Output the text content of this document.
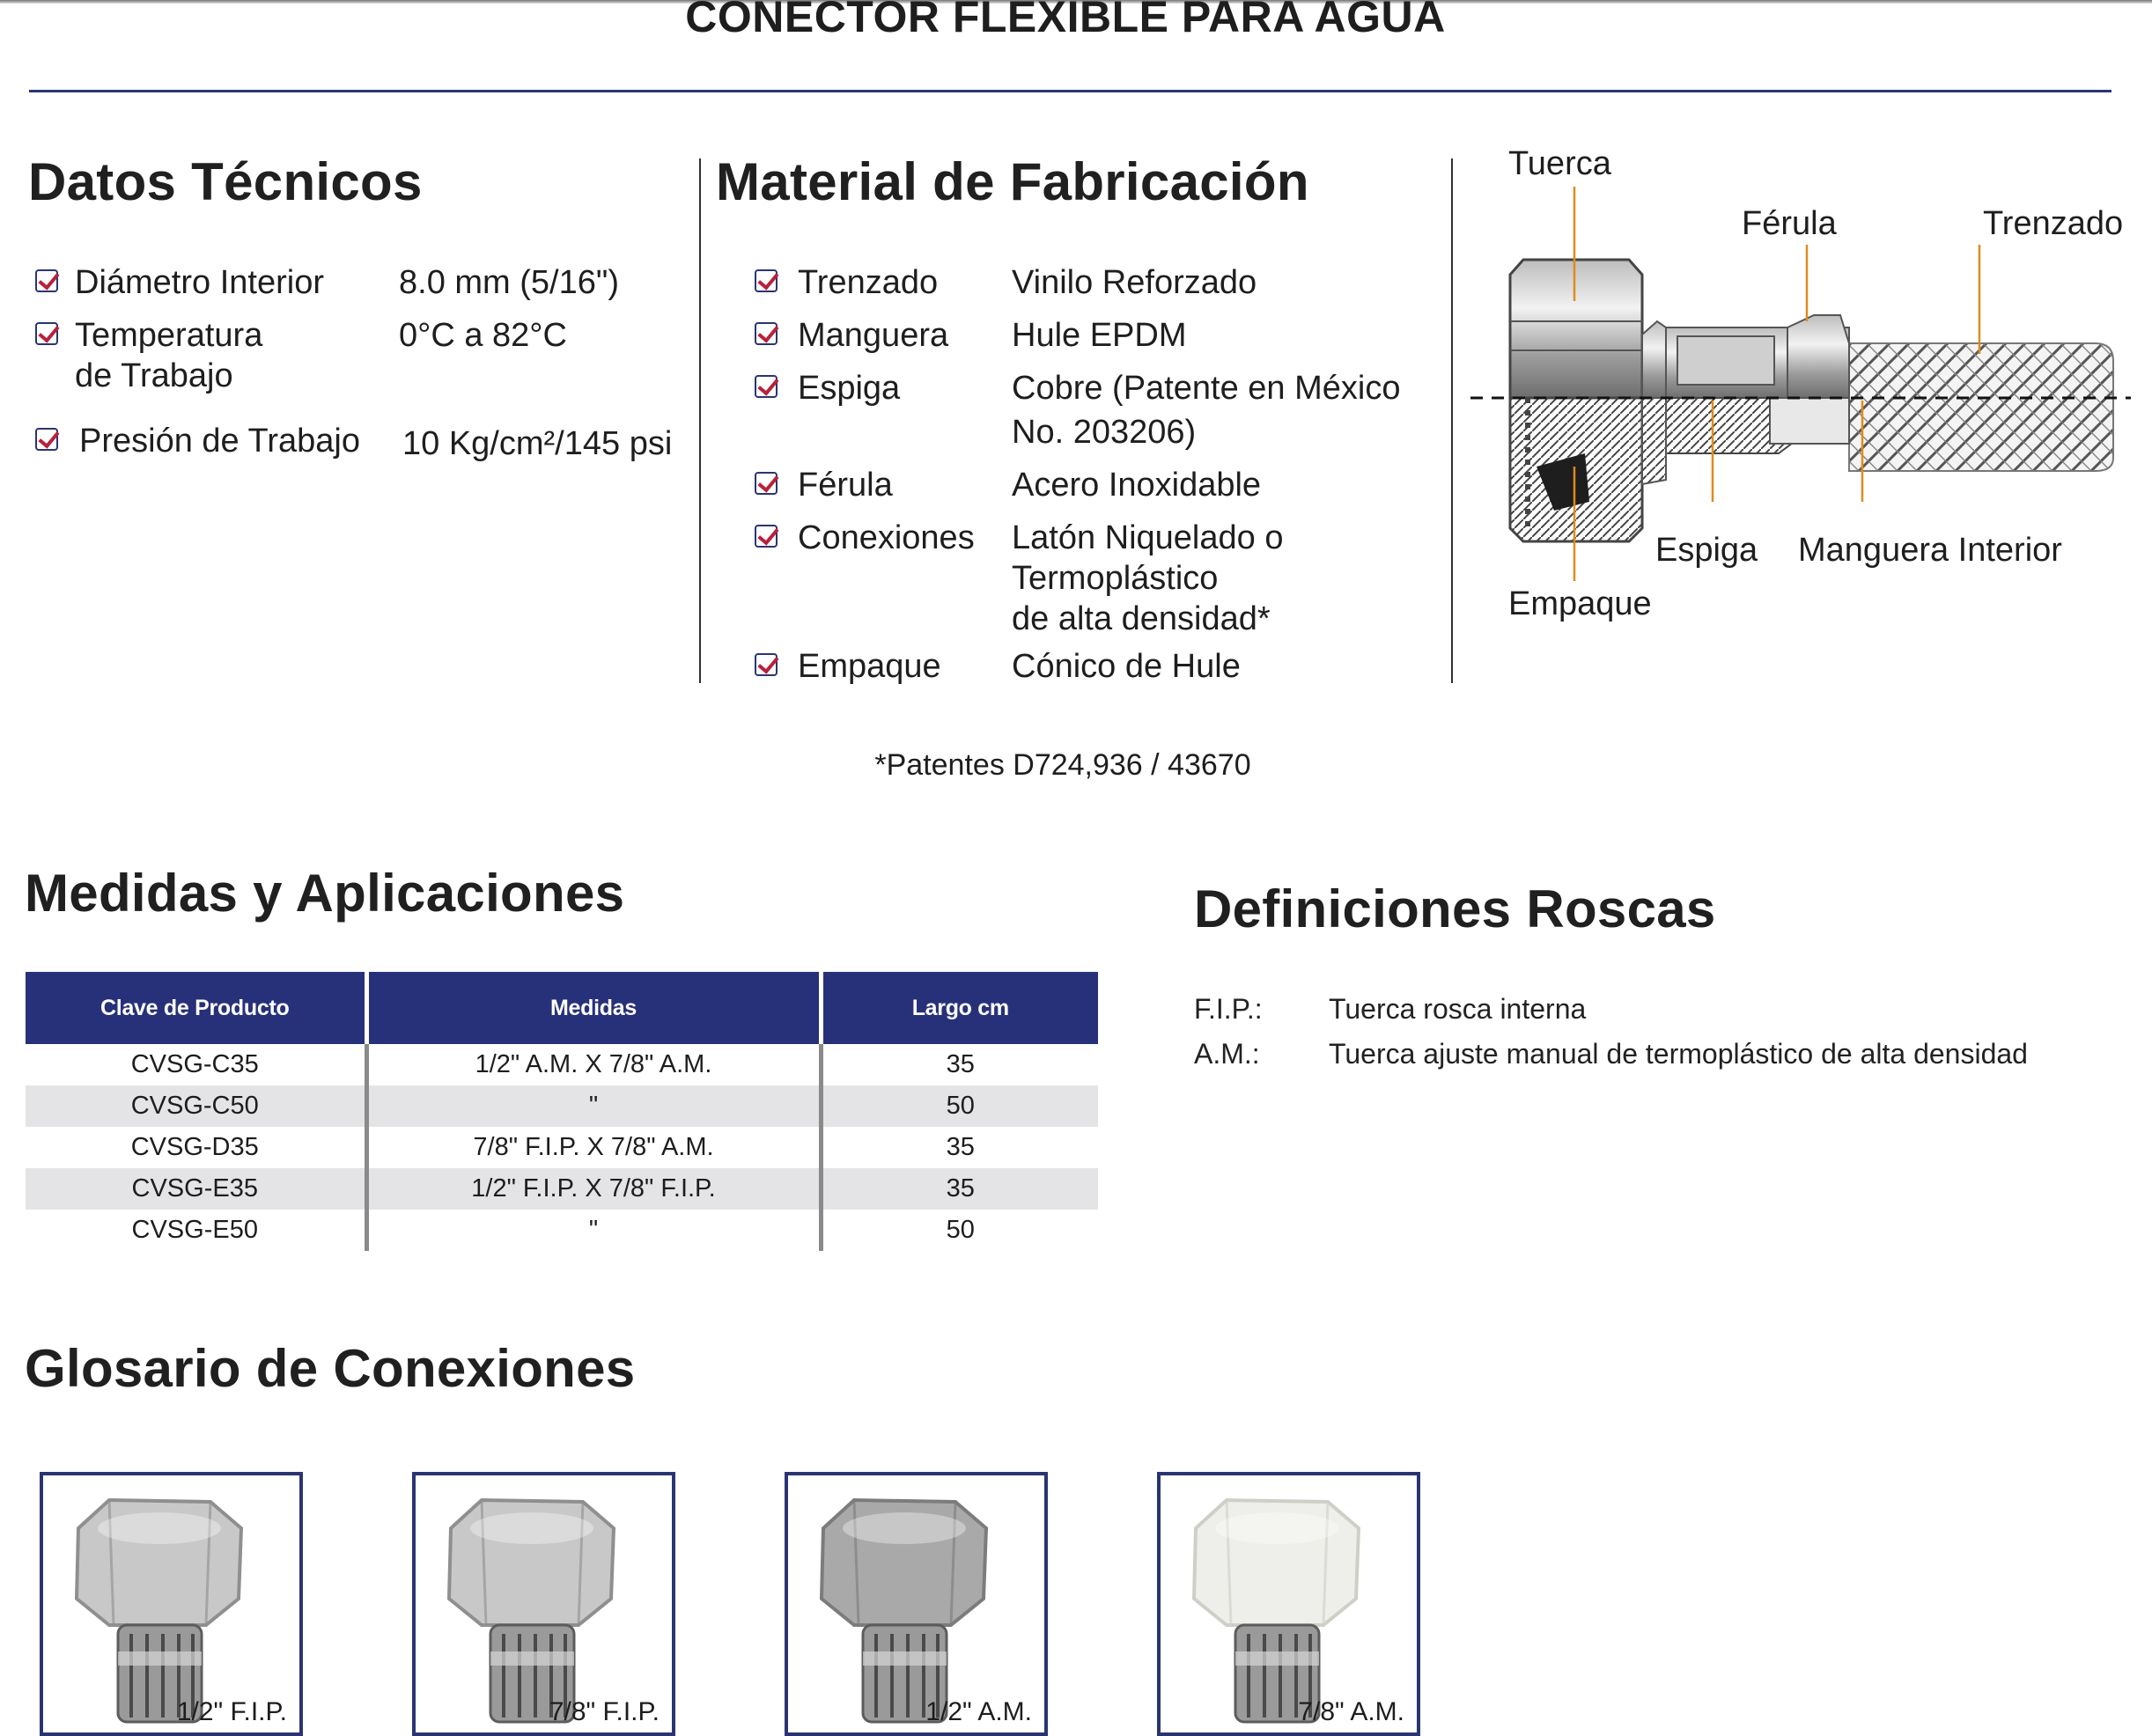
CONECTOR FLEXIBLE PARA AGUA
Datos Técnicos
Diámetro Interior 8.0 mm (5/16")
Temperatura
de Trabajo
0°C a 82°C
Presión de Trabajo 10 Kg/cm²/145 psi
Material de Fabricación
Trenzado Vinilo Reforzado
Manguera Hule EPDM
Espiga	Cobre (Patente en México
No. 203206)
Férula	Acero Inoxidable
Conexiones Latón Niquelado o
Termoplástico
de alta densidad*
Empaque Cónico de Hule
Tuerca
Férula	Trenzado
Espiga Manguera Interior
Empaque
*Patentes D724,936 / 43670
Medidas y Aplicaciones
Clave de Producto	Medidas	Largo cm
CVSG-C35	1/2" A.M. X 7/8" A.M.	35
CVSG-C50	"	50
CVSG-D35	7/8" F.I.P. X 7/8" A.M.	35
CVSG-E35	1/2" F.I.P. X 7/8" F.I.P.	35
CVSG-E50	"	50
Definiciones Roscas
F.I.P.: Tuerca rosca interna
A.M.: Tuerca ajuste manual de termoplástico de alta densidad
Glosario de Conexiones
1/2" F.I.P.	7/8" F.I.P.	1/2" A.M.	7/8" A.M.
